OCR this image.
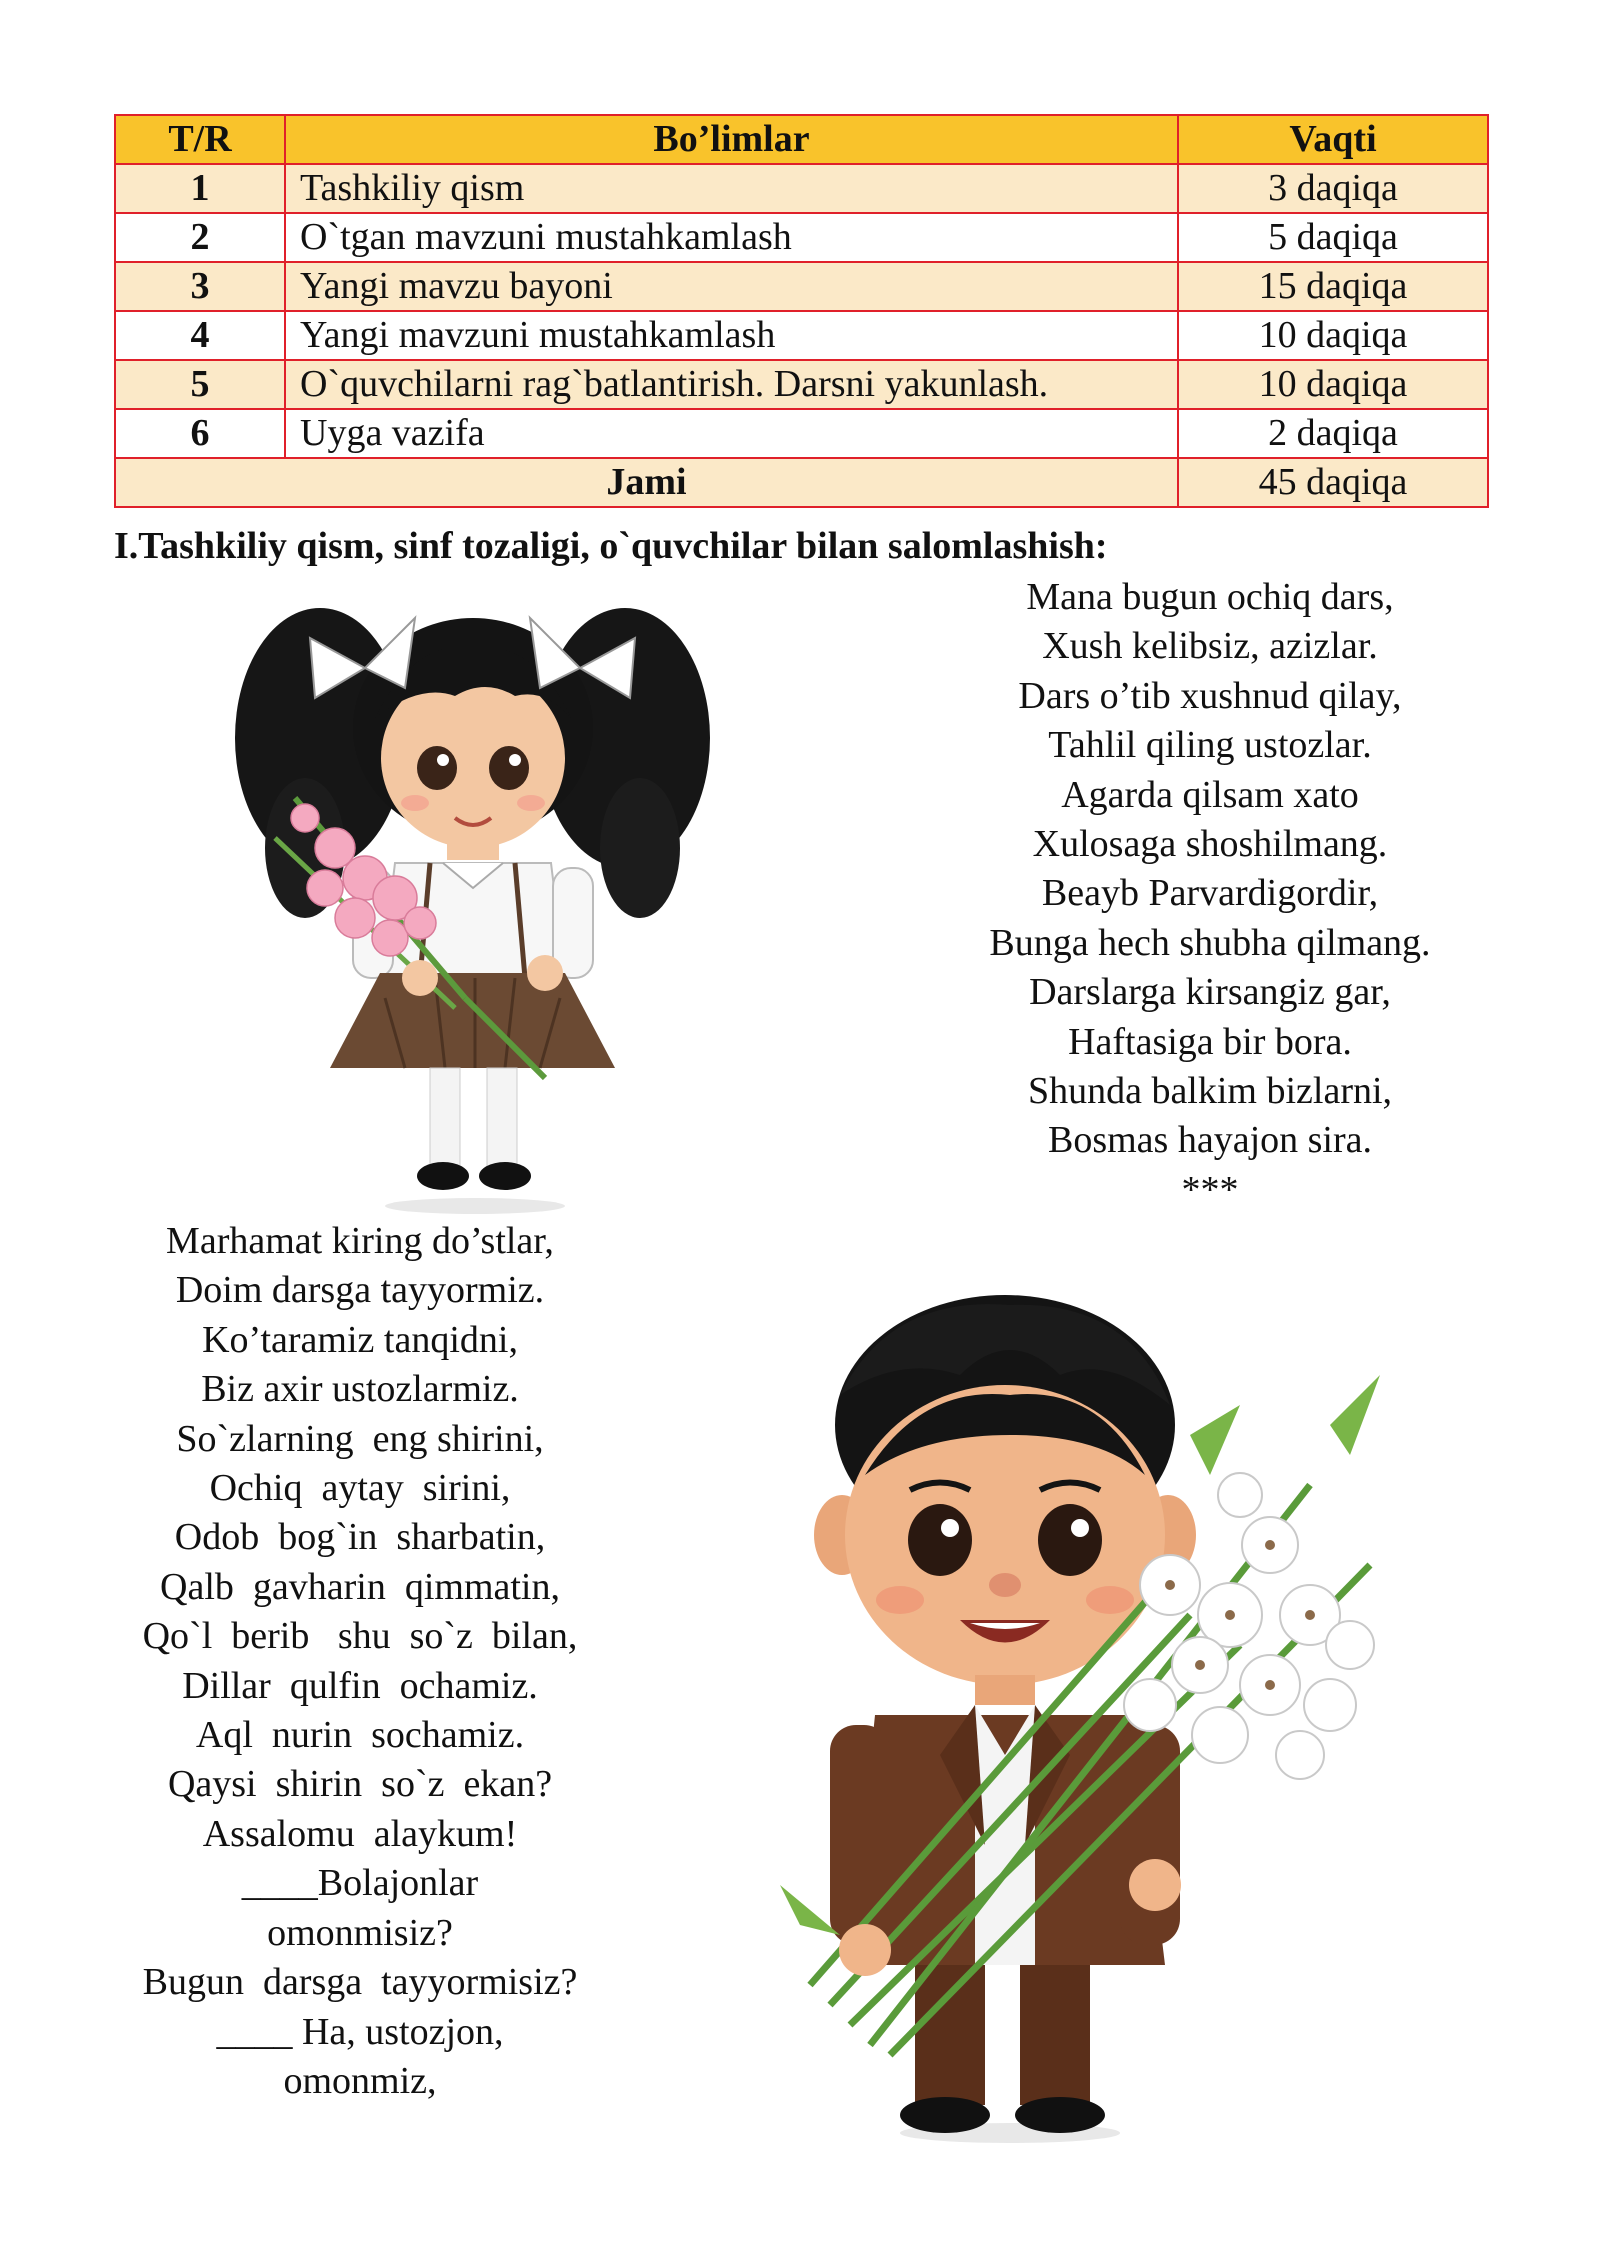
T/R	Bo’limlar	Vaqti
1	Tashkiliy qism	3 daqiqa
2	O`tgan mavzuni mustahkamlash	5 daqiqa
3	Yangi mavzu bayoni	15 daqiqa
4	Yangi mavzuni mustahkamlash	10 daqiqa
5	O`quvchilarni rag`batlantirish. Darsni yakunlash.	10 daqiqa
6	Uyga vazifa	2 daqiqa
Jami		45 daqiqa
I.Tashkiliy qism, sinf tozaligi, o`quvchilar bilan salomlashish:
Mana bugun ochiq dars,
Xush kelibsiz, azizlar.
Dars o’tib xushnud qilay,
Tahlil qiling ustozlar.
Agarda qilsam xato
Xulosaga shoshilmang.
Beayb Parvardigordir,
Bunga hech shubha qilmang.
Darslarga kirsangiz gar,
Haftasiga bir bora.
Shunda balkim bizlarni,
Bosmas hayajon sira.
***
Marhamat kiring do’stlar,
Doim darsga tayyormiz.
Ko’taramiz tanqidni,
Biz axir ustozlarmiz.
So`zlarning  eng shirini,
Ochiq  aytay  sirini,
Odob  bog`in  sharbatin,
Qalb  gavharin  qimmatin,
Qo`l  berib   shu  so`z  bilan,
Dillar  qulfin  ochamiz.
Aql  nurin  sochamiz.
Qaysi  shirin  so`z  ekan?
Assalomu  alaykum!
____Bolajonlar
omonmisiz?
Bugun  darsga  tayyormisiz?
____ Ha, ustozjon,
omonmiz,
